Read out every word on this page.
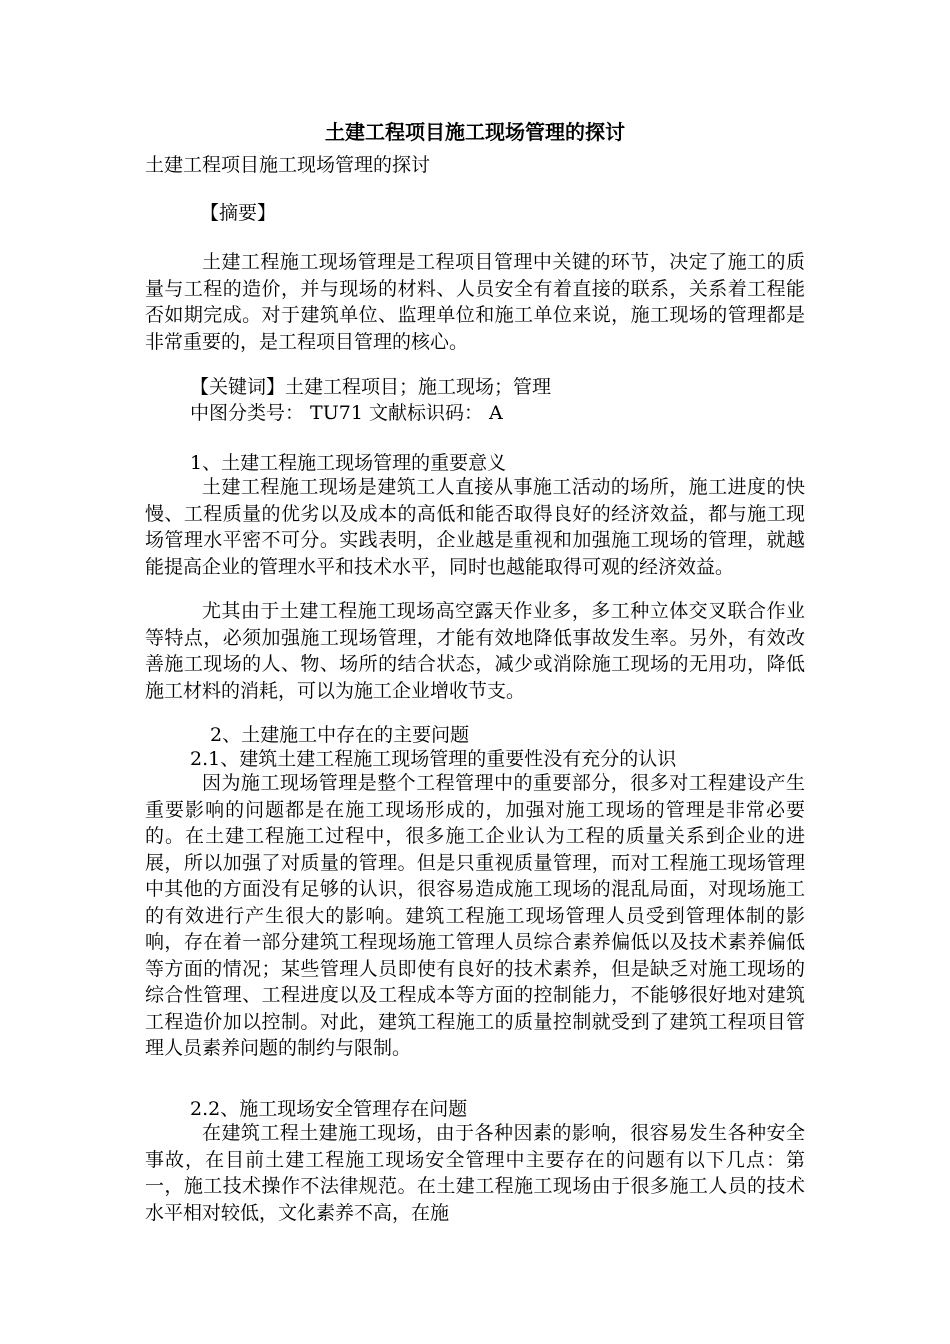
土建工程项目施工现场管理的探讨
土建工程项目施工现场管理的探讨
【摘要】
土建工程施工现场管理是工程项目管理中关键的环节，决定了施工的质量与工程的造价，并与现场的材料、人员安全有着直接的联系，关系着工程能否如期完成。对于建筑单位、监理单位和施工单位来说，施工现场的管理都是非常重要的，是工程项目管理的核心。
【关键词】土建工程项目；施工现场；管理
中图分类号： TU71 文献标识码： A
1、土建工程施工现场管理的重要意义
土建工程施工现场是建筑工人直接从事施工活动的场所，施工进度的快慢、工程质量的优劣以及成本的高低和能否取得良好的经济效益，都与施工现场管理水平密不可分。实践表明，企业越是重视和加强施工现场的管理，就越能提高企业的管理水平和技术水平，同时也越能取得可观的经济效益。
尤其由于土建工程施工现场高空露天作业多，多工种立体交叉联合作业等特点，必须加强施工现场管理，才能有效地降低事故发生率。另外，有效改善施工现场的人、物、场所的结合状态，减少或消除施工现场的无用功，降低施工材料的消耗，可以为施工企业增收节支。
2、土建施工中存在的主要问题
2.1、建筑土建工程施工现场管理的重要性没有充分的认识
因为施工现场管理是整个工程管理中的重要部分，很多对工程建设产生重要影响的问题都是在施工现场形成的，加强对施工现场的管理是非常必要的。在土建工程施工过程中，很多施工企业认为工程的质量关系到企业的进展，所以加强了对质量的管理。但是只重视质量管理，而对工程施工现场管理中其他的方面没有足够的认识，很容易造成施工现场的混乱局面，对现场施工的有效进行产生很大的影响。建筑工程施工现场管理人员受到管理体制的影响，存在着一部分建筑工程现场施工管理人员综合素养偏低以及技术素养偏低等方面的情况；某些管理人员即使有良好的技术素养，但是缺乏对施工现场的综合性管理、工程进度以及工程成本等方面的控制能力，不能够很好地对建筑工程造价加以控制。对此，建筑工程施工的质量控制就受到了建筑工程项目管理人员素养问题的制约与限制。
2.2、施工现场安全管理存在问题
在建筑工程土建施工现场，由于各种因素的影响，很容易发生各种安全事故，在目前土建工程施工现场安全管理中主要存在的问题有以下几点：第一，施工技术操作不法律规范。在土建工程施工现场由于很多施工人员的技术水平相对较低，文化素养不高，在施
